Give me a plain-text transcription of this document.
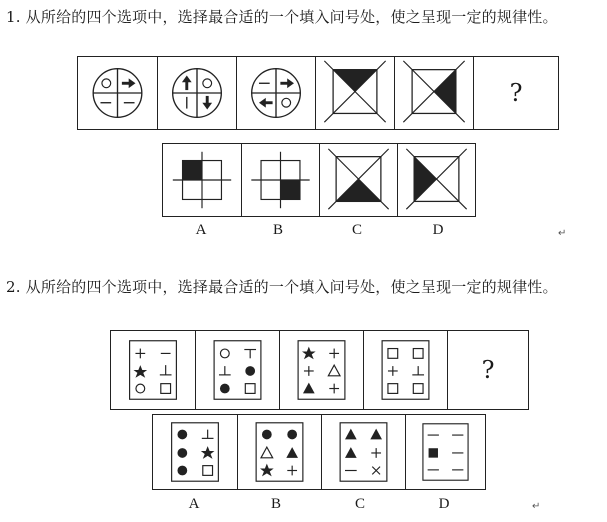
1. 从所给的四个选项中，选择最合适的一个填入问号处，使之呈现一定的规律性。
?
A	B	C	D	↵
2. 从所给的四个选项中，选择最合适的一个填入问号处，使之呈现一定的规律性。
?
A	B	C	D	↵
